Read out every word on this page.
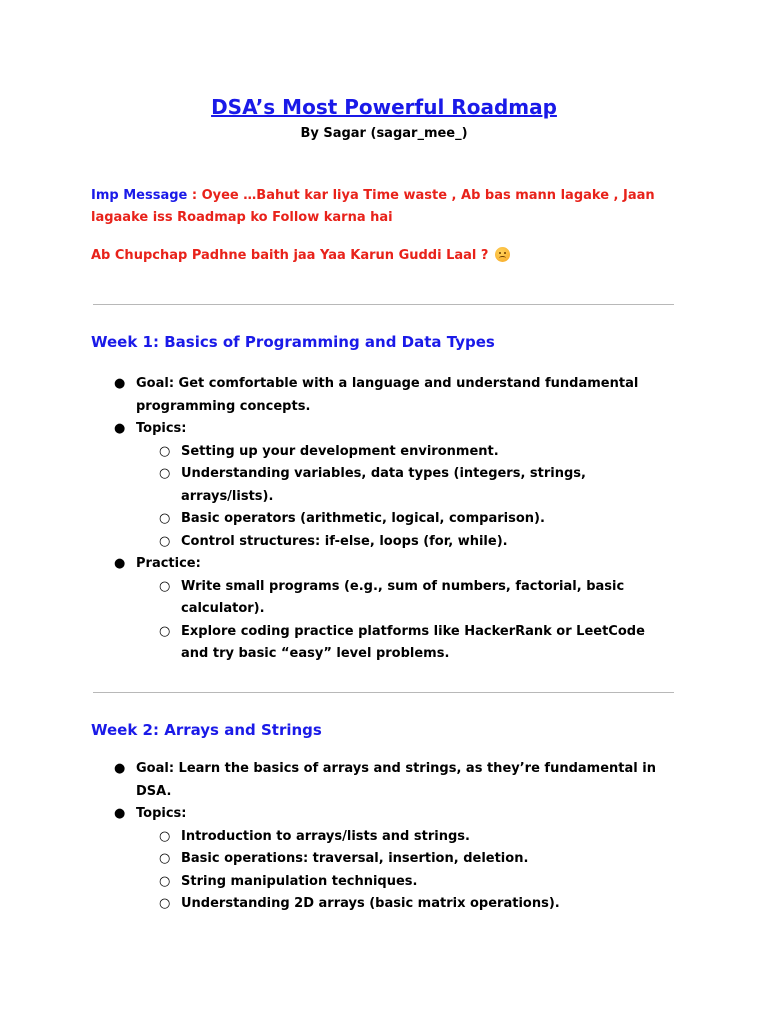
DSA’s Most Powerful Roadmap
By Sagar (sagar_mee_)
Imp Message : Oyee …Bahut kar liya Time waste , Ab bas mann lagake , Jaan lagaake iss Roadmap ko Follow karna hai
Ab Chupchap Padhne baith jaa Yaa Karun Guddi Laal ?
Week 1: Basics of Programming and Data Types
● Goal: Get comfortable with a language and understand fundamental programming concepts.
● Topics:
○ Setting up your development environment.
○ Understanding variables, data types (integers, strings, arrays/lists).
○ Basic operators (arithmetic, logical, comparison).
○ Control structures: if-else, loops (for, while).
● Practice:
○ Write small programs (e.g., sum of numbers, factorial, basic calculator).
○ Explore coding practice platforms like HackerRank or LeetCode and try basic “easy” level problems.
Week 2: Arrays and Strings
● Goal: Learn the basics of arrays and strings, as they’re fundamental in DSA.
● Topics:
○ Introduction to arrays/lists and strings.
○ Basic operations: traversal, insertion, deletion.
○ String manipulation techniques.
○ Understanding 2D arrays (basic matrix operations).
